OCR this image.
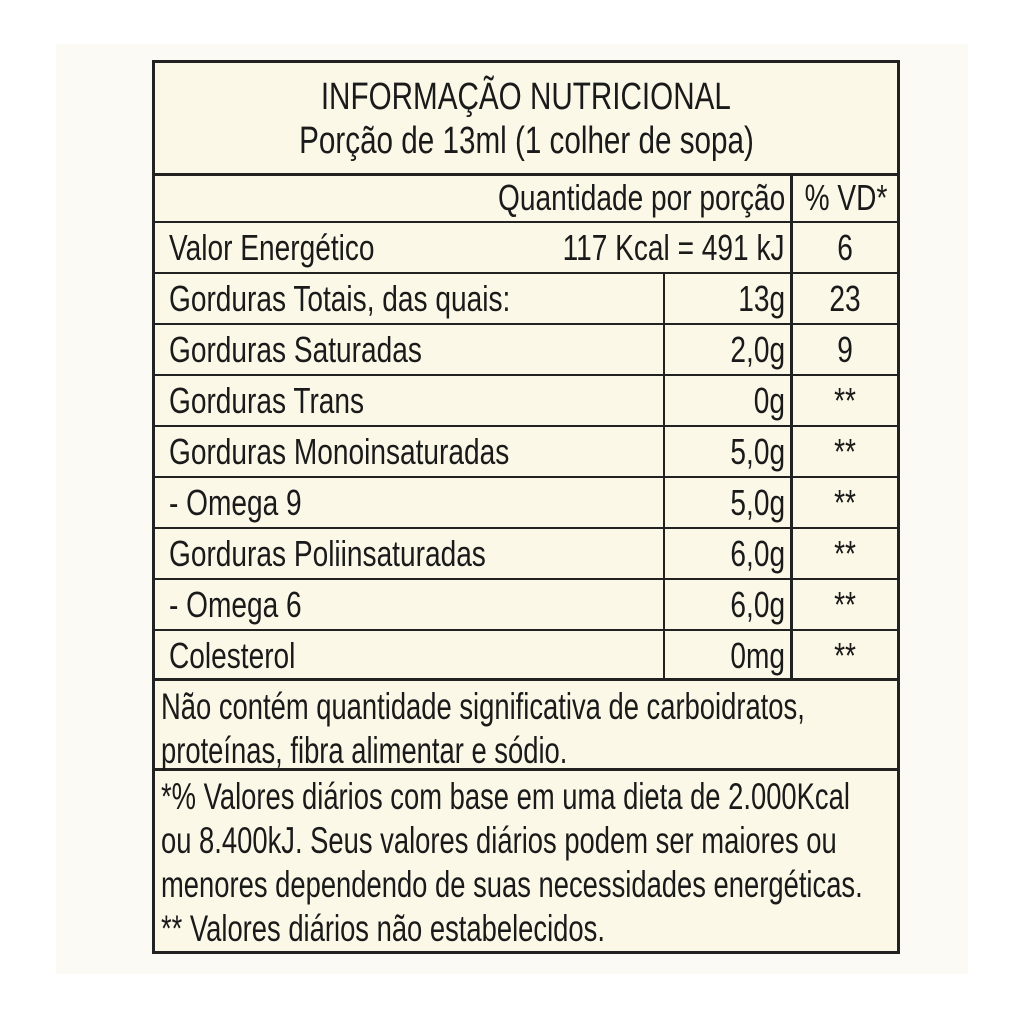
INFORMAÇÃO NUTRICIONAL
Porção de 13ml (1 colher de sopa)
Quantidade por porção % VD*
Valor Energético	117 Kcal = 491 kJ	6
Gorduras Totais, das quais:	13g	23
Gorduras Saturadas	2,0g	9
Gorduras Trans	0g	**
Gorduras Monoinsaturadas	5,0g	**
- Omega 9	5,0g	**
Gorduras Poliinsaturadas	6,0g	**
- Omega 6	6,0g	**
Colesterol	0mg	**
Não contém quantidade significativa de carboidratos,
proteínas, fibra alimentar e sódio.
*% Valores diários com base em uma dieta de 2.000Kcal
ou 8.400kJ. Seus valores diários podem ser maiores ou
menores dependendo de suas necessidades energéticas.
** Valores diários não estabelecidos.
